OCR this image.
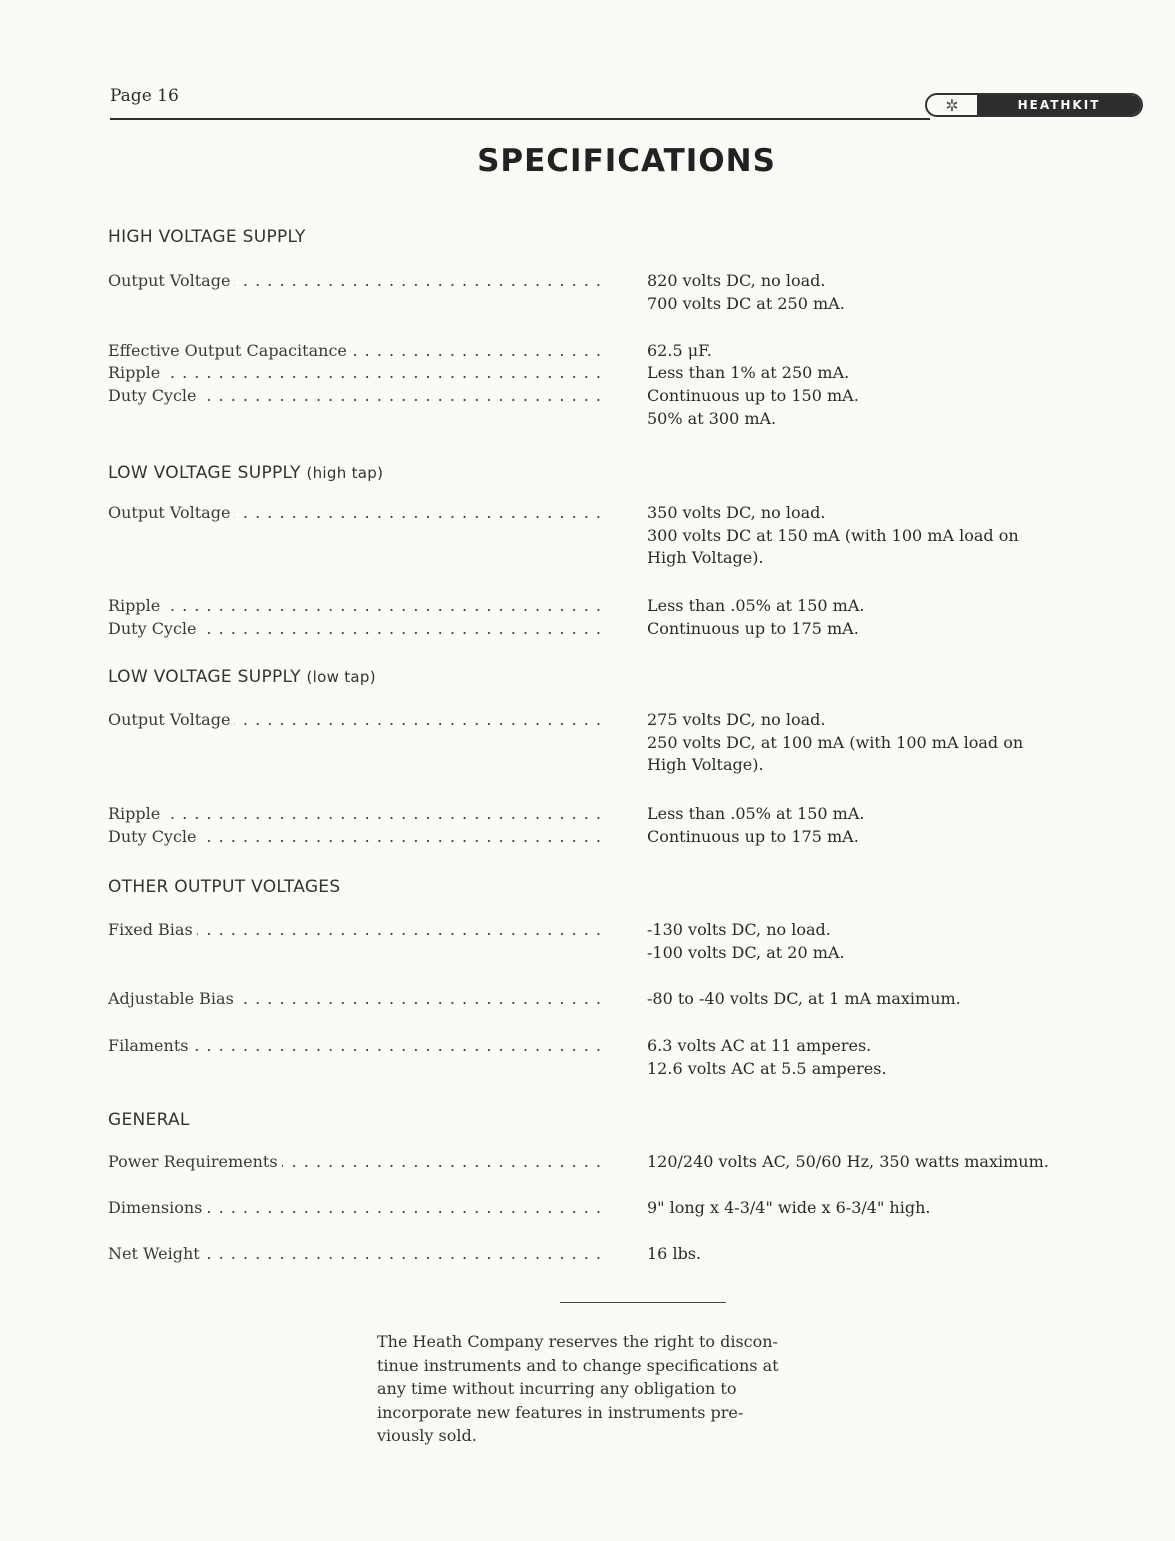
Page 16	✲	HEATHKIT
SPECIFICATIONS
HIGH VOLTAGE SUPPLY
Output Voltage . . .	820 volts DC, no load.
700 volts DC at 250 mA.
Effective Output Capacitance . . .	62.5 μF.
Ripple . . .	Less than 1% at 250 mA.
Duty Cycle . . .	Continuous up to 150 mA.
50% at 300 mA.
LOW VOLTAGE SUPPLY (high tap)
Output Voltage . . .	350 volts DC, no load.
300 volts DC at 150 mA (with 100 mA load on
High Voltage).
Ripple . . .	Less than .05% at 150 mA.
Duty Cycle . . .	Continuous up to 175 mA.
LOW VOLTAGE SUPPLY (low tap)
Output Voltage . . .	275 volts DC, no load.
250 volts DC, at 100 mA (with 100 mA load on
High Voltage).
Ripple . . .	Less than .05% at 150 mA.
Duty Cycle . . .	Continuous up to 175 mA.
OTHER OUTPUT VOLTAGES
Fixed Bias . . .	-130 volts DC, no load.
-100 volts DC, at 20 mA.
Adjustable Bias . . .	-80 to -40 volts DC, at 1 mA maximum.
Filaments . . .	6.3 volts AC at 11 amperes.
12.6 volts AC at 5.5 amperes.
GENERAL
Power Requirements . . .	120/240 volts AC, 50/60 Hz, 350 watts maximum.
Dimensions . . .	9" long x 4-3/4" wide x 6-3/4" high.
Net Weight . . .	16 lbs.
The Heath Company reserves the right to discon-
tinue instruments and to change specifications at
any time without incurring any obligation to
incorporate new features in instruments pre-
viously sold.
